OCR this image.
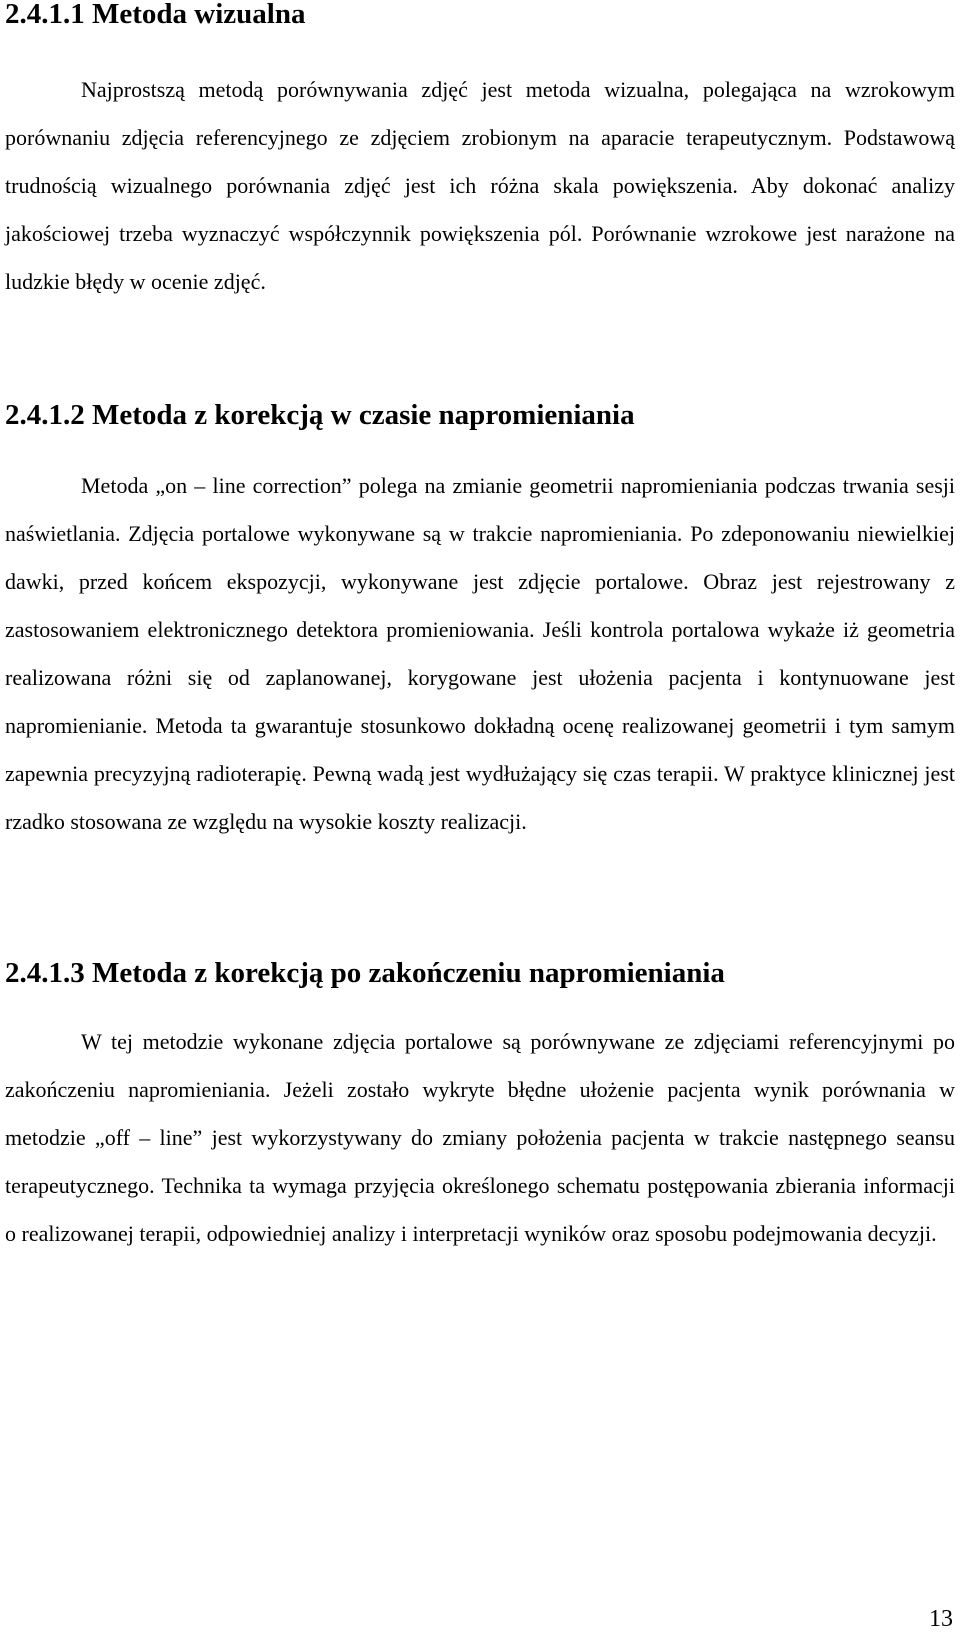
2.4.1.1 Metoda wizualna

Najprostszą metodą porównywania zdjęć jest metoda wizualna, polegająca na wzrokowym porównaniu zdjęcia referencyjnego ze zdjęciem zrobionym na aparacie terapeutycznym. Podstawową trudnością wizualnego porównania zdjęć jest ich różna skala powiększenia. Aby dokonać analizy jakościowej trzeba wyznaczyć współczynnik powiększenia pól. Porównanie wzrokowe jest narażone na ludzkie błędy w ocenie zdjęć.

2.4.1.2 Metoda z korekcją w czasie napromieniania

Metoda „on – line correction” polega na zmianie geometrii napromieniania podczas trwania sesji naświetlania. Zdjęcia portalowe wykonywane są w trakcie napromieniania. Po zdeponowaniu niewielkiej dawki, przed końcem ekspozycji, wykonywane jest zdjęcie portalowe. Obraz jest rejestrowany z zastosowaniem elektronicznego detektora promieniowania. Jeśli kontrola portalowa wykaże iż geometria realizowana różni się od zaplanowanej, korygowane jest ułożenia pacjenta i kontynuowane jest napromienianie. Metoda ta gwarantuje stosunkowo dokładną ocenę realizowanej geometrii i tym samym zapewnia precyzyjną radioterapię. Pewną wadą jest wydłużający się czas terapii. W praktyce klinicznej jest rzadko stosowana ze względu na wysokie koszty realizacji.

2.4.1.3 Metoda z korekcją po zakończeniu napromieniania

W tej metodzie wykonane zdjęcia portalowe są porównywane ze zdjęciami referencyjnymi po zakończeniu napromieniania. Jeżeli zostało wykryte błędne ułożenie pacjenta wynik porównania w metodzie „off – line” jest wykorzystywany do zmiany położenia pacjenta w trakcie następnego seansu terapeutycznego. Technika ta wymaga przyjęcia określonego schematu postępowania zbierania informacji o realizowanej terapii, odpowiedniej analizy i interpretacji wyników oraz sposobu podejmowania decyzji.

13
